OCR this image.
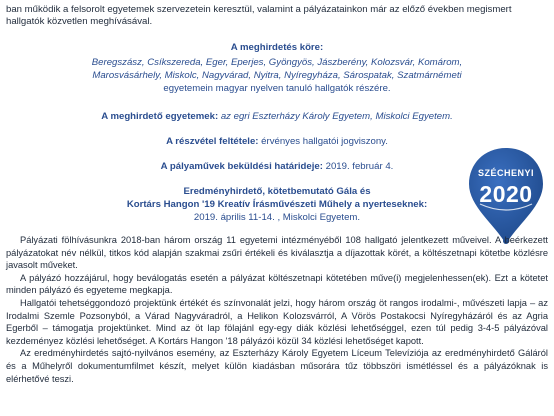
ban működik a felsorolt egyetemek szervezetein keresztül, valamint a pályázatainkon már az előző években megismert
hallgatók közvetlen meghívásával.
A meghirdetés köre:
Beregszász, Csíkszereda, Eger, Eperjes, Gyöngyös, Jászberény, Kolozsvár, Komárom,
Marosvásárhely, Miskolc, Nagyvárad, Nyitra, Nyíregyháza, Sárospatak, Szatmárnémeti
egyetemein magyar nyelven tanuló hallgatók részére.
A meghirdető egyetemek: az egri Eszterházy Károly Egyetem, Miskolci Egyetem.
A részvétel feltétele: érvényes hallgatói jogviszony.
A pályaművek beküldési határideje: 2019. február 4.
Eredményhirdető, kötetbemutató Gála és
Kortárs Hangon '19 Kreatív Írásművészeti Műhely a nyerteseknek:
2019. április 11-14. , Miskolci Egyetem.
SZÉCHENYI
2020

Pályázati fölhívásunkra 2018-ban három ország 11 egyetemi intézményéből 108 hallgató jelentkezett műveivel. A beérkezett pályázatokat név nélkül, titkos kód alapján szakmai zsűri értékeli és kiválasztja a díjazottak körét, a költészetnapi kötetbe közlésre javasolt műveket.

A pályázó hozzájárul, hogy beválogatás esetén a pályázat költészetnapi kötetében műve(i) megjelenhessen(ek). Ezt a kötetet minden pályázó és egyeteme megkapja.

Hallgatói tehetséggondozó projektünk értékét és színvonalát jelzi, hogy három ország öt rangos irodalmi-, művészeti lapja – az Irodalmi Szemle Pozsonyból, a Várad Nagyváradról, a Helikon Kolozsvárról, A Vörös Postakocsi Nyíregyházáról és az Agria Egerből – támogatja projektünket. Mind az öt lap fölajánl egy-egy diák közlési lehetőséggel, ezen túl pedig 3-4-5 pályázóval kezdeményez közlési lehetőséget. A Kortárs Hangon '18 pályázói közül 34 közlési lehetőséget kapott.

Az eredményhirdetés sajtó-nyilvános esemény, az Eszterházy Károly Egyetem Líceum Televíziója az eredményhirdető Gáláról és a Műhelyről dokumentumfilmet készít, melyet külön kiadásban műsorára tűz többszöri ismétléssel és a pályázóknak is elérhetővé teszi.
